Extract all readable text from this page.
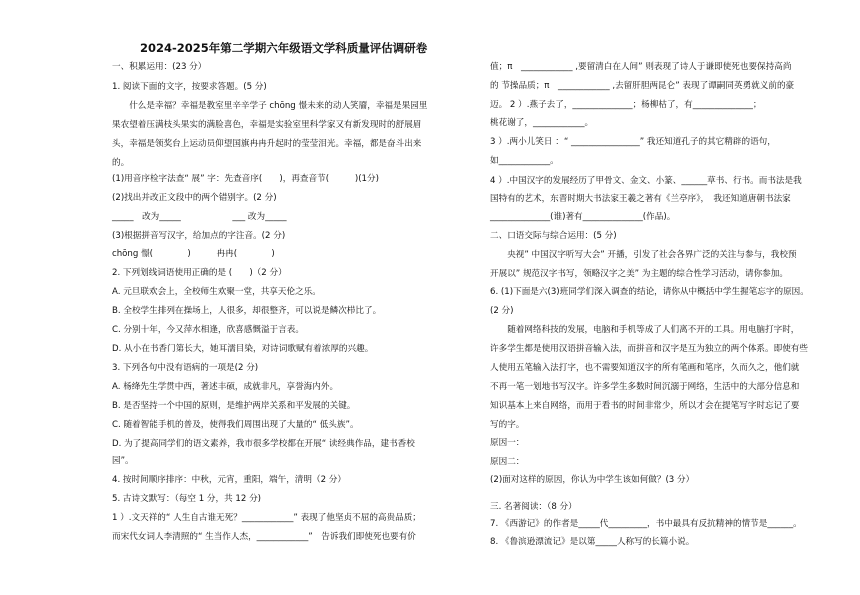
2024-2025年第二学期六年级语文学科质量评估调研卷
一、积累运用：(23 分）
1. 阅读下面的文字，按要求答题。(5 分)
　　什么是幸福？幸福是教室里辛辛学子 chōng 憬未来的动人笑靥，幸福是果园里
果农望着压满枝头果实的满脸喜色，幸福是实验室里科学家又有新发现时的舒展眉
头，幸福是领奖台上运动员仰望国旗冉冉升起时的莹莹泪光。幸福，都是奋斗出来
的。
(1)用音序检字法查“ 展” 字：先查音序(　　)，再查音节(　　　)(1分)
(2)找出并改正文段中的两个错别字。(2 分)
_____　改为_____　　　　　　___ 改为_____
(3)根据拼音写汉字，给加点的字注音。(2 分)
chōng 憬(　　　　)　　　冉冉(　　　　)
2. 下列划线词语使用正确的是 (　　)（2 分）
A. 元旦联欢会上，全校师生欢聚一堂，共享天伦之乐。
B. 全校学生排列在操场上，人很多，却很整齐，可以说是鳞次栉比了。
C. 分别十年，今又萍水相逢，欣喜感慨溢于言表。
D. 从小在书香门第长大，她耳濡目染，对诗词歌赋有着浓厚的兴趣。
3. 下列各句中没有语病的一项是(2 分)
A. 杨绛先生学贯中西，著述丰硕，成就非凡，享誉海内外。
B. 是否坚持一个中国的原则，是维护两岸关系和平发展的关键。
C. 随着智能手机的普及，使得我们周围出现了大量的“ 低头族”。
D. 为了提高同学们的语文素养，我市很多学校都在开展“ 读经典作品，建书香校
园”。
4. 按时间顺序排序：中秋，元宵，重阳，端午，清明（2 分）
5. 古诗文默写：（每空 1 分，共 12 分)
1 ）.文天祥的“ 人生自古谁无死？____________” 表现了他坚贞不屈的高贵品质；
而宋代女词人李清照的“ 生当作人杰，____________”　告诉我们即使死也要有价
值；π　____________ ,要留清白在人间” 则表现了诗人于谦即使死也要保持高尚
的 节操品质；π　____________ ,去留肝胆两昆仑” 表现了谭嗣同英勇就义前的豪
迈。 2 ）.燕子去了，______________；杨柳枯了，有______________；
桃花谢了，____________。
3 ）.两小儿笑日 ：“ ________________” 我还知道孔子的其它精辟的语句，
如____________。
4 ）.中国汉字的发展经历了甲骨文、金文、小篆、______草书、行书。而书法是我
国特有的艺术，东晋时期大书法家王羲之著有《兰亭序》，　我还知道唐朝书法家
______________(谁)著有______________(作品)。
二、口语交际与综合运用：(5 分)
　　央视” 中国汉字听写大会” 开播，引发了社会各界广泛的关注与参与，我校预
开展以” 规范汉字书写，领略汉字之美” 为主题的综合性学习活动，请你参加。
6. (1)下面是六(3)班同学们深入调查的结论，请你从中概括中学生握笔忘字的原因。
(2 分)
　　随着网络科技的发展，电脑和手机等成了人们离不开的工具。用电脑打字时，
许多学生都是使用汉语拼音输入法，而拼音和汉字是互为独立的两个体系。即使有些
人使用五笔输入法打字，也不需要知道汉字的所有笔画和笔序，久而久之，他们就
不再一笔一划地书写汉字。许多学生多数时间沉溺于网络，生活中的大部分信息和
知识基本上来自网络，而用于看书的时间非常少，所以才会在提笔写字时忘记了要
写的字。
原因一：
原因二：
(2)面对这样的原因，你认为中学生该如何做？(3 分）
三. 名著阅读：（8 分）
7. 《西游记》的作者是_____代_________，书中最具有反抗精神的情节是______。
8. 《鲁滨逊漂流记》是以第_____人称写的长篇小说。
